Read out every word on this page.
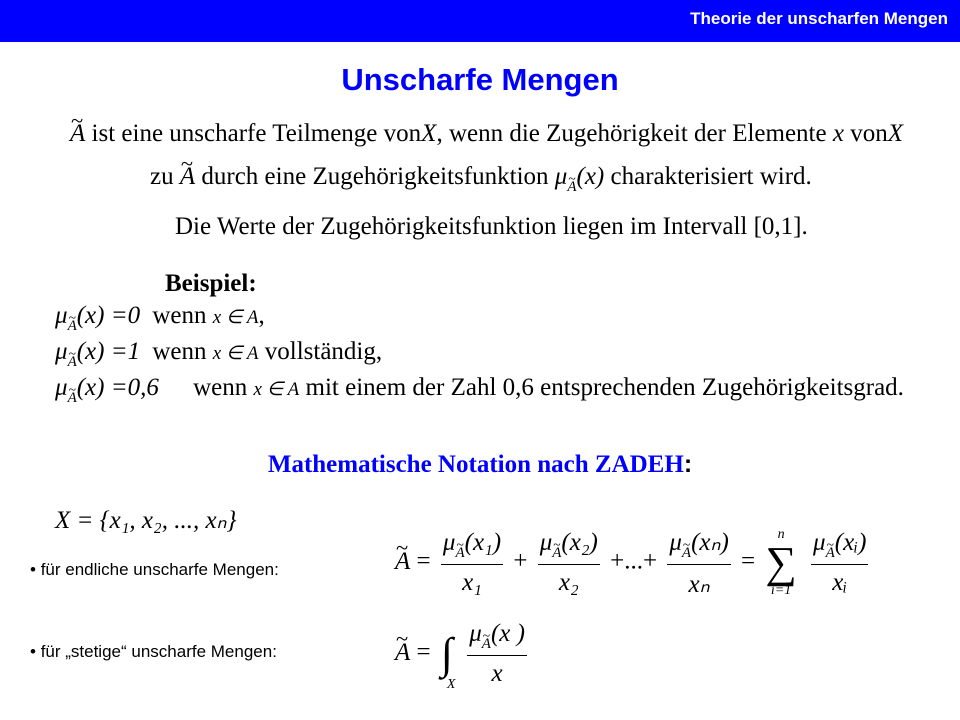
Theorie der unscharfen Mengen
Unscharfe Mengen
~ A ist eine unscharfe Teilmenge vonX, wenn die Zugehörigkeit der Elemente x vonX
zu ~ A durch eine Zugehörigkeitsfunktion μ~ A(x) charakterisiert wird.
Die Werte der Zugehörigkeitsfunktion liegen im Intervall [0,1].
Beispiel:
μ~ A(x) =0 wenn x ∈ A,
μ~ A(x) =1 wenn x ∈ A vollständig,
μ~ A(x) =0,6 wenn x ∈ A mit einem der Zahl 0,6 entsprechenden Zugehörigkeitsgrad.
Mathematische Notation nach ZADEH:
X = {x₁, x₂, ..., xₙ}
• für endliche unscharfe Mengen:	~ $A = \frac{\text{μ\textasciitilde{} A(x₁)}}{\text{x₁}} + \frac{\text{μ\textasciitilde{} A(x₂)}}{\text{x₂}}$ +...+ $\frac{\text{μ\textasciitilde{} A(xₙ)}}{\text{xₙ}}$ =
n
∑
i=1
$\frac{\text{μ\textasciitilde{} A(xᵢ)}}{\text{xᵢ}}$
• für „stetige“ unscharfe Mengen:	~ A = ∫
X
$\frac{\mu\sim A(x )}{x}$
